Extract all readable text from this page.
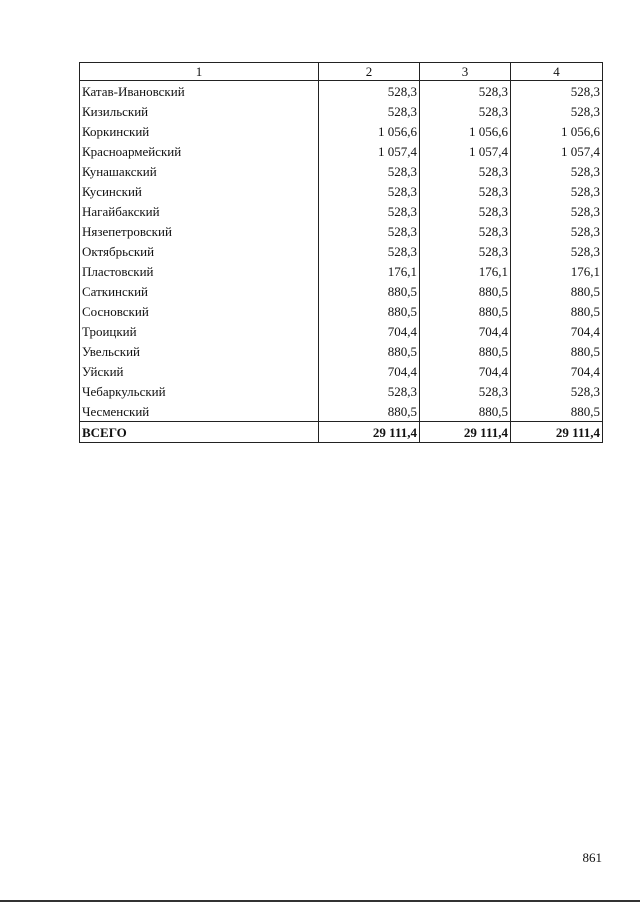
1	2	3	4
Катав-Ивановский	528,3	528,3	528,3
Кизильский	528,3	528,3	528,3
Коркинский	1 056,6	1 056,6	1 056,6
Красноармейский	1 057,4	1 057,4	1 057,4
Кунашакский	528,3	528,3	528,3
Кусинский	528,3	528,3	528,3
Нагайбакский	528,3	528,3	528,3
Нязепетровский	528,3	528,3	528,3
Октябрьский	528,3	528,3	528,3
Пластовский	176,1	176,1	176,1
Саткинский	880,5	880,5	880,5
Сосновский	880,5	880,5	880,5
Троицкий	704,4	704,4	704,4
Увельский	880,5	880,5	880,5
Уйский	704,4	704,4	704,4
Чебаркульский	528,3	528,3	528,3
Чесменский	880,5	880,5	880,5
ВСЕГО	29 111,4	29 111,4	29 111,4
861
